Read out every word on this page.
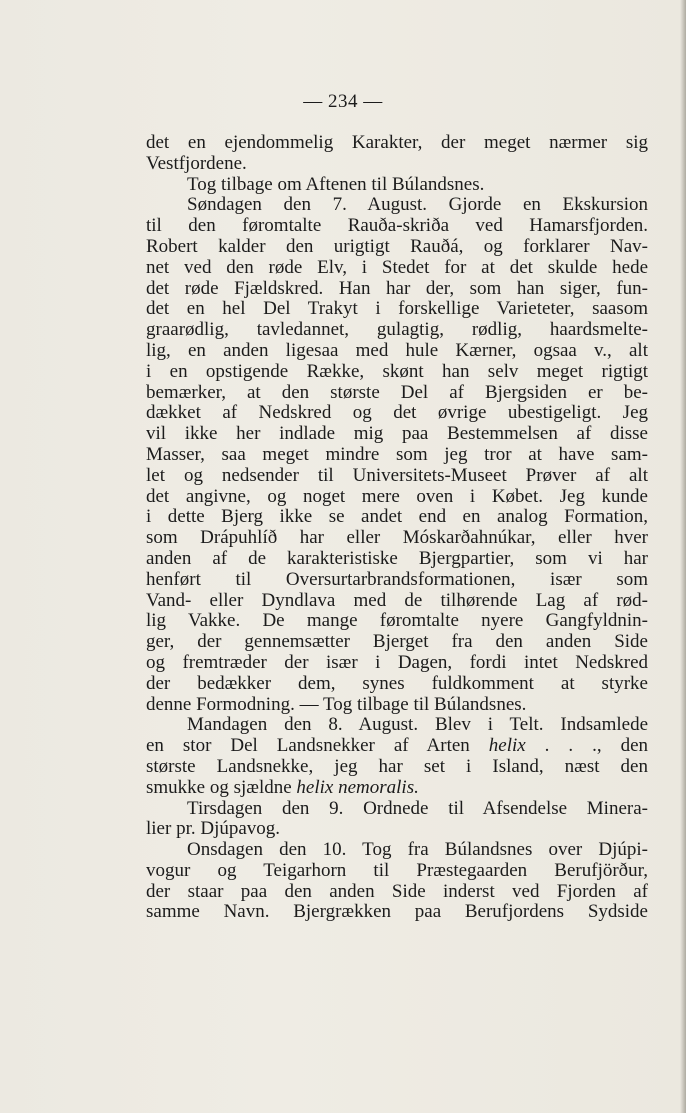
— 234 —
det en ejendommelig Karakter, der meget nærmer sig
Vestfjordene.
Tog tilbage om Aftenen til Búlandsnes.
Søndagen den 7. August. Gjorde en Ekskursion
til den føromtalte Rauða-skriða ved Hamarsfjorden.
Robert kalder den urigtigt Rauðá, og forklarer Nav-
net ved den røde Elv, i Stedet for at det skulde hede
det røde Fjældskred. Han har der, som han siger, fun-
det en hel Del Trakyt i forskellige Varieteter, saasom
graarødlig, tavledannet, gulagtig, rødlig, haardsmelte-
lig, en anden ligesaa med hule Kærner, ogsaa v., alt
i en opstigende Række, skønt han selv meget rigtigt
bemærker, at den største Del af Bjergsiden er be-
dækket af Nedskred og det øvrige ubestigeligt. Jeg
vil ikke her indlade mig paa Bestemmelsen af disse
Masser, saa meget mindre som jeg tror at have sam-
let og nedsender til Universitets-Museet Prøver af alt
det angivne, og noget mere oven i Købet. Jeg kunde
i dette Bjerg ikke se andet end en analog Formation,
som Drápuhlíð har eller Móskarðahnúkar, eller hver
anden af de karakteristiske Bjergpartier, som vi har
henført til Oversurtarbrandsformationen, især som
Vand- eller Dyndlava med de tilhørende Lag af rød-
lig Vakke. De mange føromtalte nyere Gangfyldnin-
ger, der gennemsætter Bjerget fra den anden Side
og fremtræder der især i Dagen, fordi intet Nedskred
der bedækker dem, synes fuldkomment at styrke
denne Formodning. — Tog tilbage til Búlandsnes.
Mandagen den 8. August. Blev i Telt. Indsamlede
en stor Del Landsnekker af Arten helix . . ., den
største Landsnekke, jeg har set i Island, næst den
smukke og sjældne helix nemoralis.
Tirsdagen den 9. Ordnede til Afsendelse Minera-
lier pr. Djúpavog.
Onsdagen den 10. Tog fra Búlandsnes over Djúpi-
vogur og Teigarhorn til Præstegaarden Berufjörður,
der staar paa den anden Side inderst ved Fjorden af
samme Navn. Bjergrækken paa Berufjordens Sydside
